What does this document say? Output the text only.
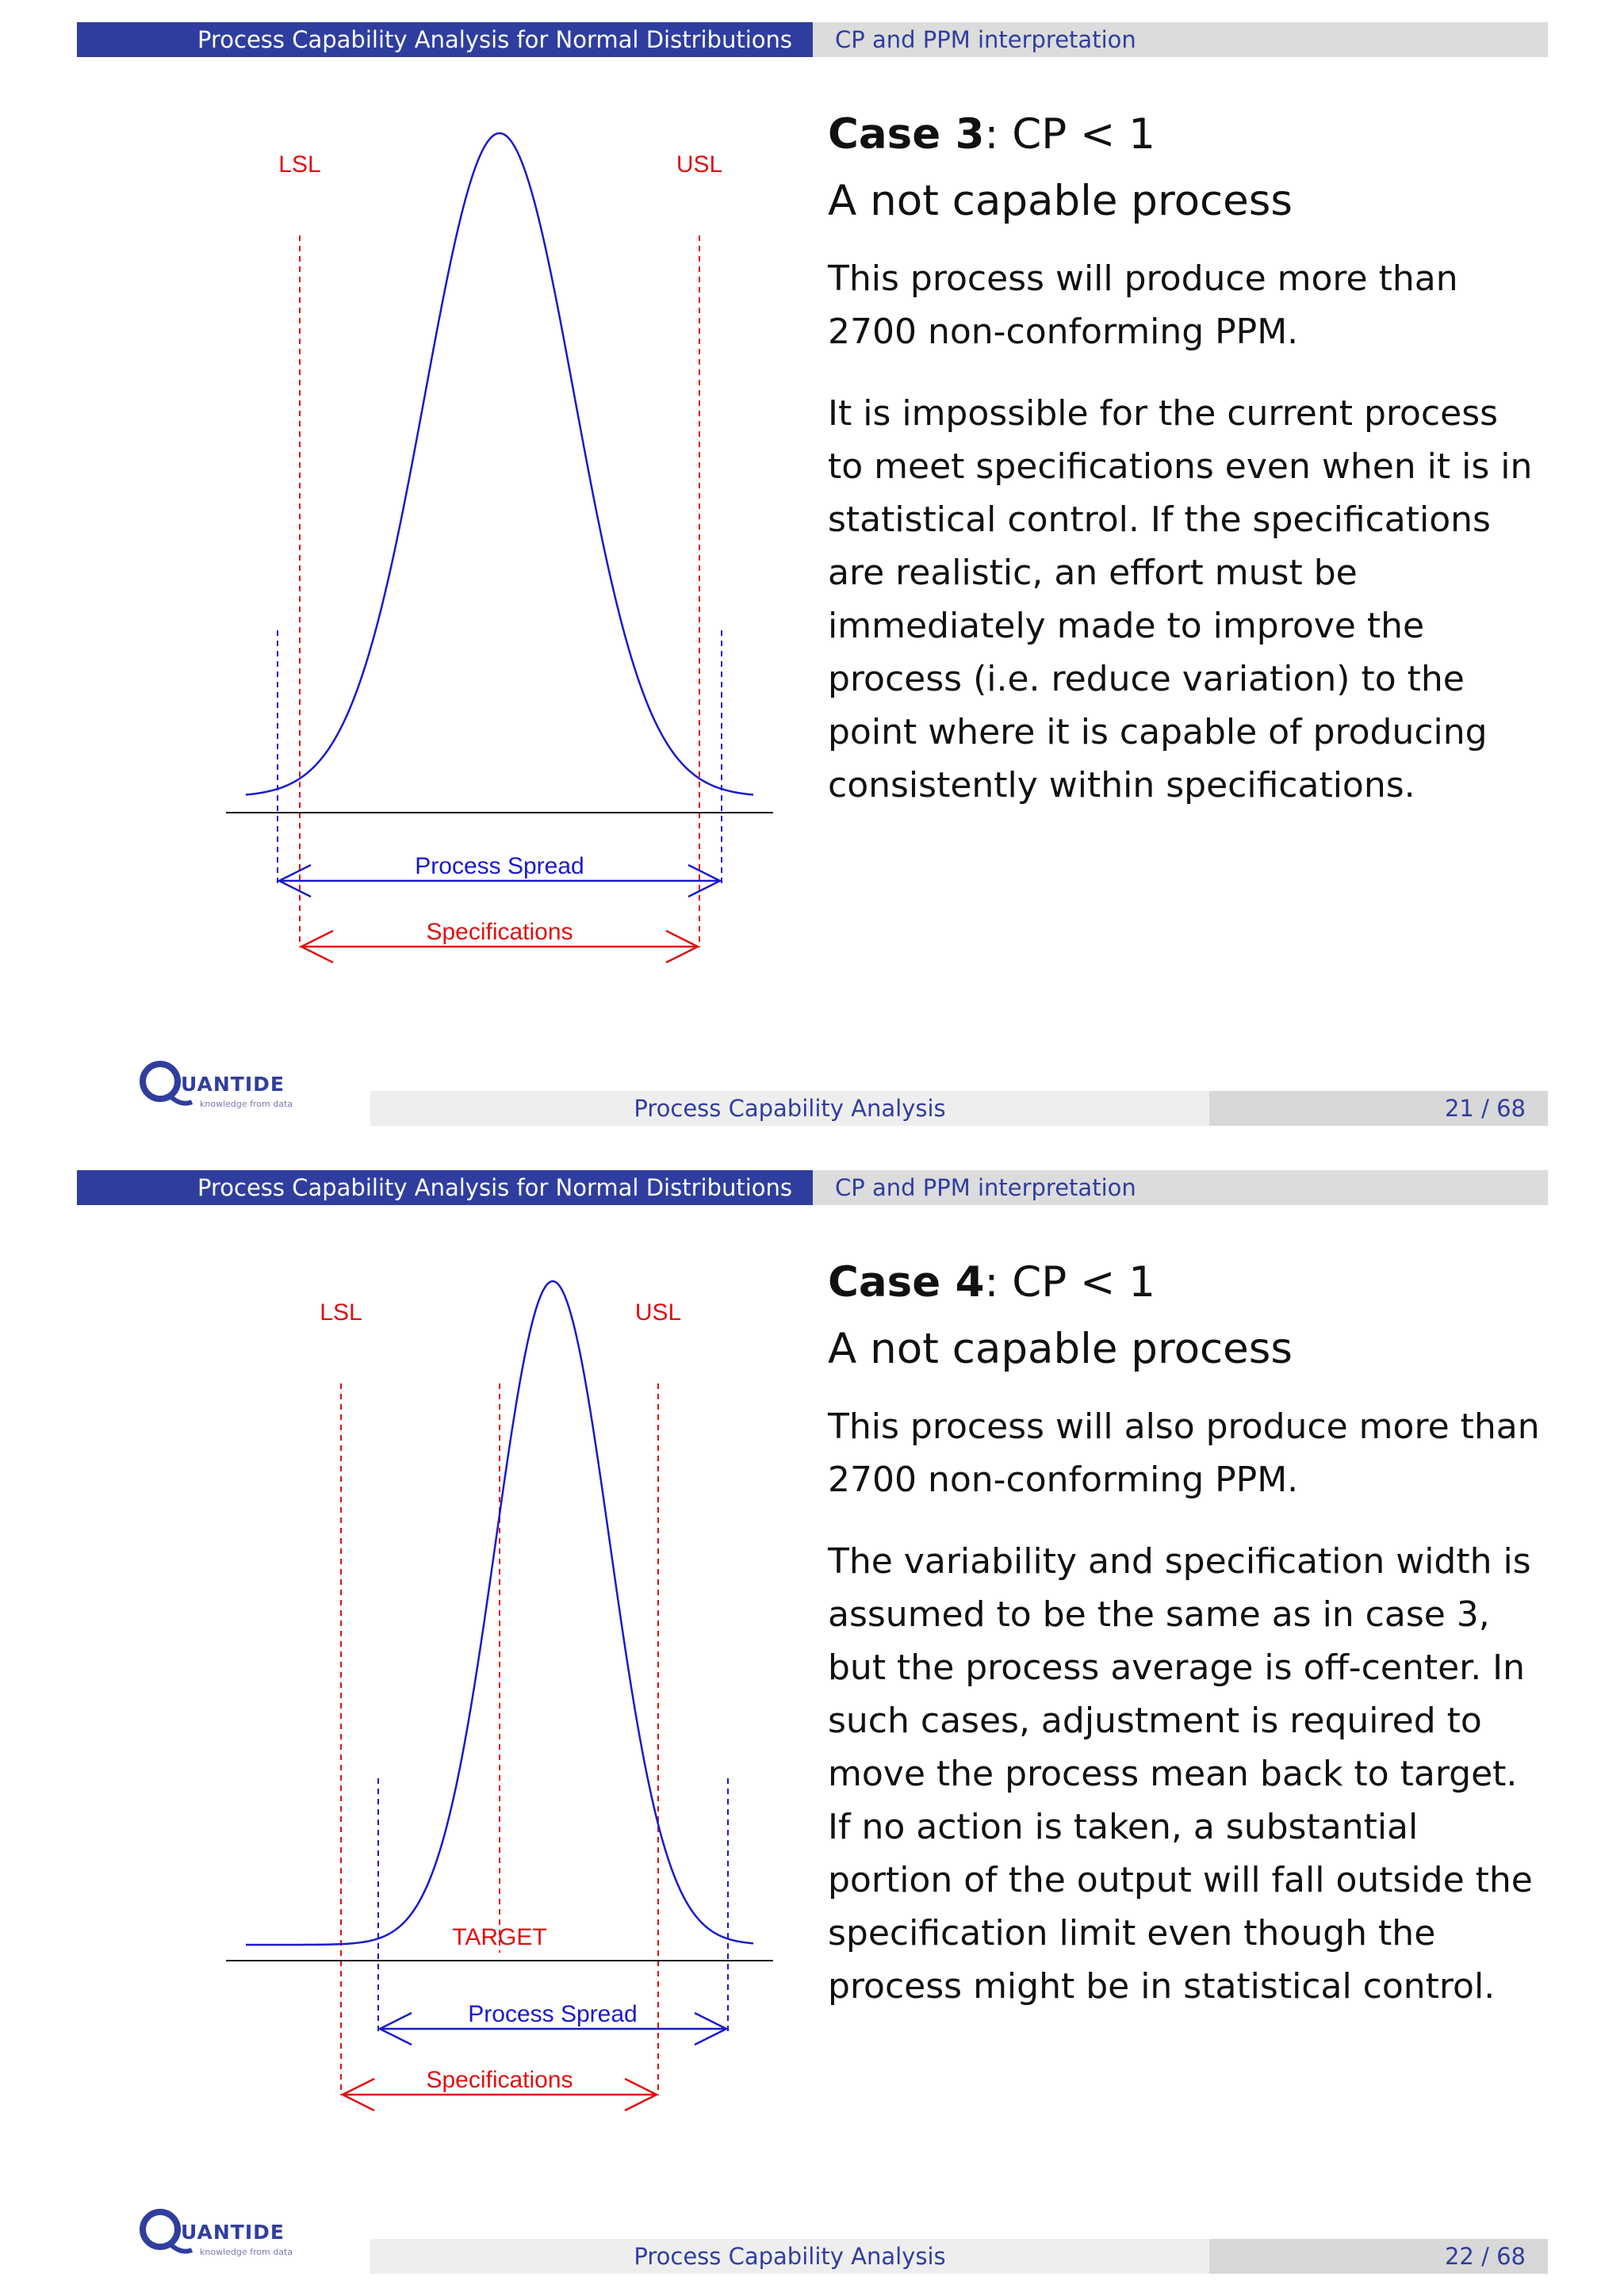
Process Capability Analysis for Normal Distributions	CP and PPM interpretation
LSL	USL
Process Spread
Specifications
Case 3: CP < 1
A not capable process

This process will produce more than 2700 non-conforming PPM.

It is impossible for the current process to meet specifications even when it is in statistical control. If the specifications are realistic, an effort must be immediately made to improve the process (i.e. reduce variation) to the point where it is capable of producing consistently within specifications.

UANTIDE
knowledge from data	Process Capability Analysis	21 / 68
Process Capability Analysis for Normal Distributions	CP and PPM interpretation
LSL	USL
TARGET
Process Spread
Specifications
Case 4: CP < 1
A not capable process

This process will also produce more than 2700 non-conforming PPM.

The variability and specification width is assumed to be the same as in case 3, but the process average is off-center. In such cases, adjustment is required to move the process mean back to target. If no action is taken, a substantial portion of the output will fall outside the specification limit even though the process might be in statistical control.

UANTIDE
knowledge from data	Process Capability Analysis	22 / 68
